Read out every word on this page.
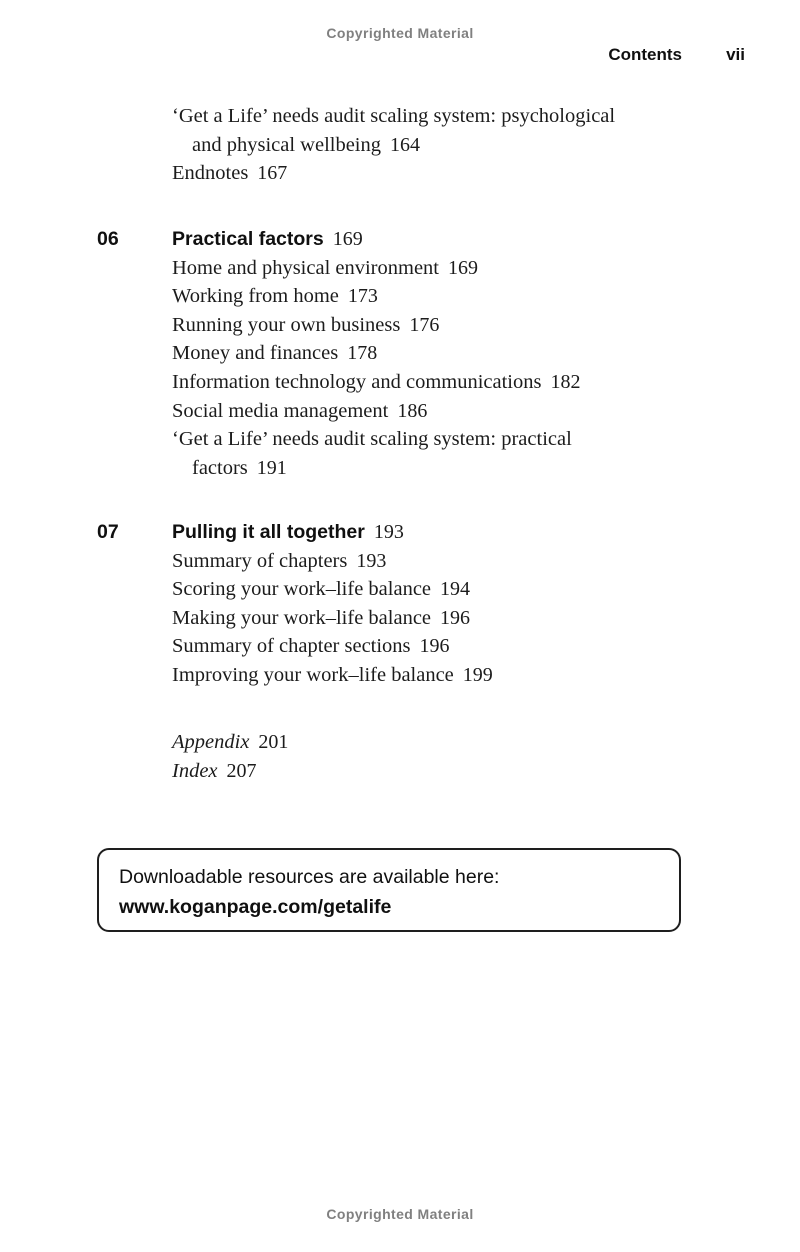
Copyrighted Material
Contents	vii
‘Get a Life’ needs audit scaling system: psychological
and physical wellbeing 164
Endnotes 167
06	Practical factors 169
Home and physical environment 169
Working from home 173
Running your own business 176
Money and finances 178
Information technology and communications 182
Social media management 186
‘Get a Life’ needs audit scaling system: practical
factors 191
07	Pulling it all together 193
Summary of chapters 193
Scoring your work–life balance 194
Making your work–life balance 196
Summary of chapter sections 196
Improving your work–life balance 199
Appendix 201
Index 207
Downloadable resources are available here:
www.koganpage.com/getalife
Copyrighted Material
